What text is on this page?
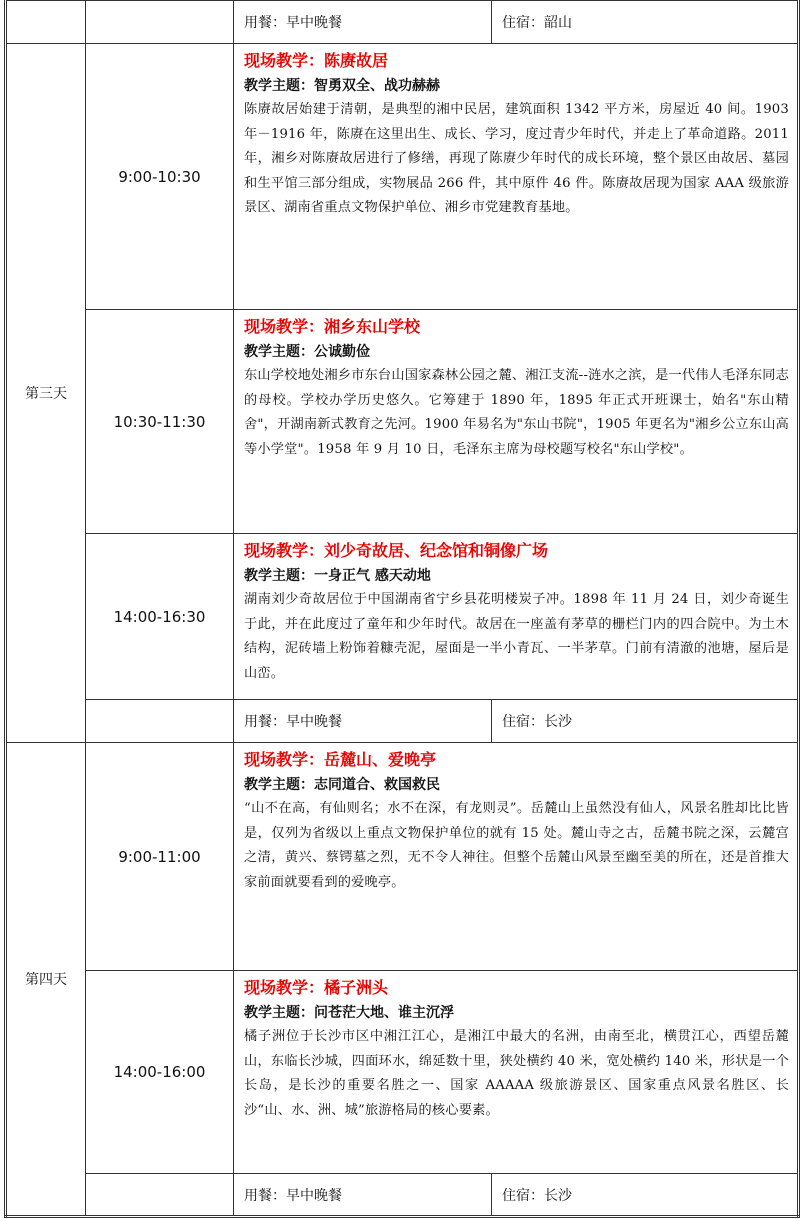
		用餐：早中晚餐	住宿：韶山
第三天	9:00-10:30	现场教学：陈赓故居
教学主题：智勇双全、战功赫赫
陈赓故居始建于清朝，是典型的湘中民居，建筑面积 1342 平方米，房屋近 40 间。1903 年－1916 年，陈赓在这里出生、成长、学习，度过青少年时代，并走上了革命道路。2011 年，湘乡对陈赓故居进行了修缮，再现了陈赓少年时代的成长环境，整个景区由故居、墓园和生平馆三部分组成，实物展品 266 件，其中原件 46 件。陈赓故居现为国家 AAA 级旅游景区、湖南省重点文物保护单位、湘乡市党建教育基地。	

	10:30-11:30	现场教学：湘乡东山学校
教学主题：公诚勤俭
东山学校地处湘乡市东台山国家森林公园之麓、湘江支流--涟水之滨，是一代伟人毛泽东同志的母校。学校办学历史悠久。它筹建于 1890 年，1895 年正式开班课士，始名"东山精舍"，开湖南新式教育之先河。1900 年易名为"东山书院"，1905 年更名为"湘乡公立东山高等小学堂"。1958 年 9 月 10 日，毛泽东主席为母校题写校名"东山学校"。	

	14:00-16:30	现场教学：刘少奇故居、纪念馆和铜像广场
教学主题：一身正气 感天动地
湖南刘少奇故居位于中国湖南省宁乡县花明楼炭子冲。1898 年 11 月 24 日，刘少奇诞生于此，并在此度过了童年和少年时代。故居在一座盖有茅草的栅栏门内的四合院中。为土木结构，泥砖墙上粉饰着糠壳泥，屋面是一半小青瓦、一半茅草。门前有清澈的池塘，屋后是山峦。	

		用餐：早中晚餐	住宿：长沙
第四天	9:00-11:00	现场教学：岳麓山、爱晚亭
教学主题：志同道合、救国救民
“山不在高，有仙则名；水不在深，有龙则灵”。岳麓山上虽然没有仙人，风景名胜却比比皆是，仅列为省级以上重点文物保护单位的就有 15 处。麓山寺之古，岳麓书院之深，云麓宫之清，黄兴、蔡锷墓之烈，无不令人神往。但整个岳麓山风景至幽至美的所在，还是首推大家前面就要看到的爱晚亭。	

	14:00-16:00	现场教学：橘子洲头
教学主题：问苍茫大地、谁主沉浮
橘子洲位于长沙市区中湘江江心，是湘江中最大的名洲，由南至北，横贯江心，西望岳麓山，东临长沙城，四面环水，绵延数十里，狭处横约 40 米，宽处横约 140 米，形状是一个长岛，是长沙的重要名胜之一、国家 AAAAA 级旅游景区、国家重点风景名胜区、长沙“山、水、洲、城”旅游格局的核心要素。	

		用餐：早中晚餐	住宿：长沙
